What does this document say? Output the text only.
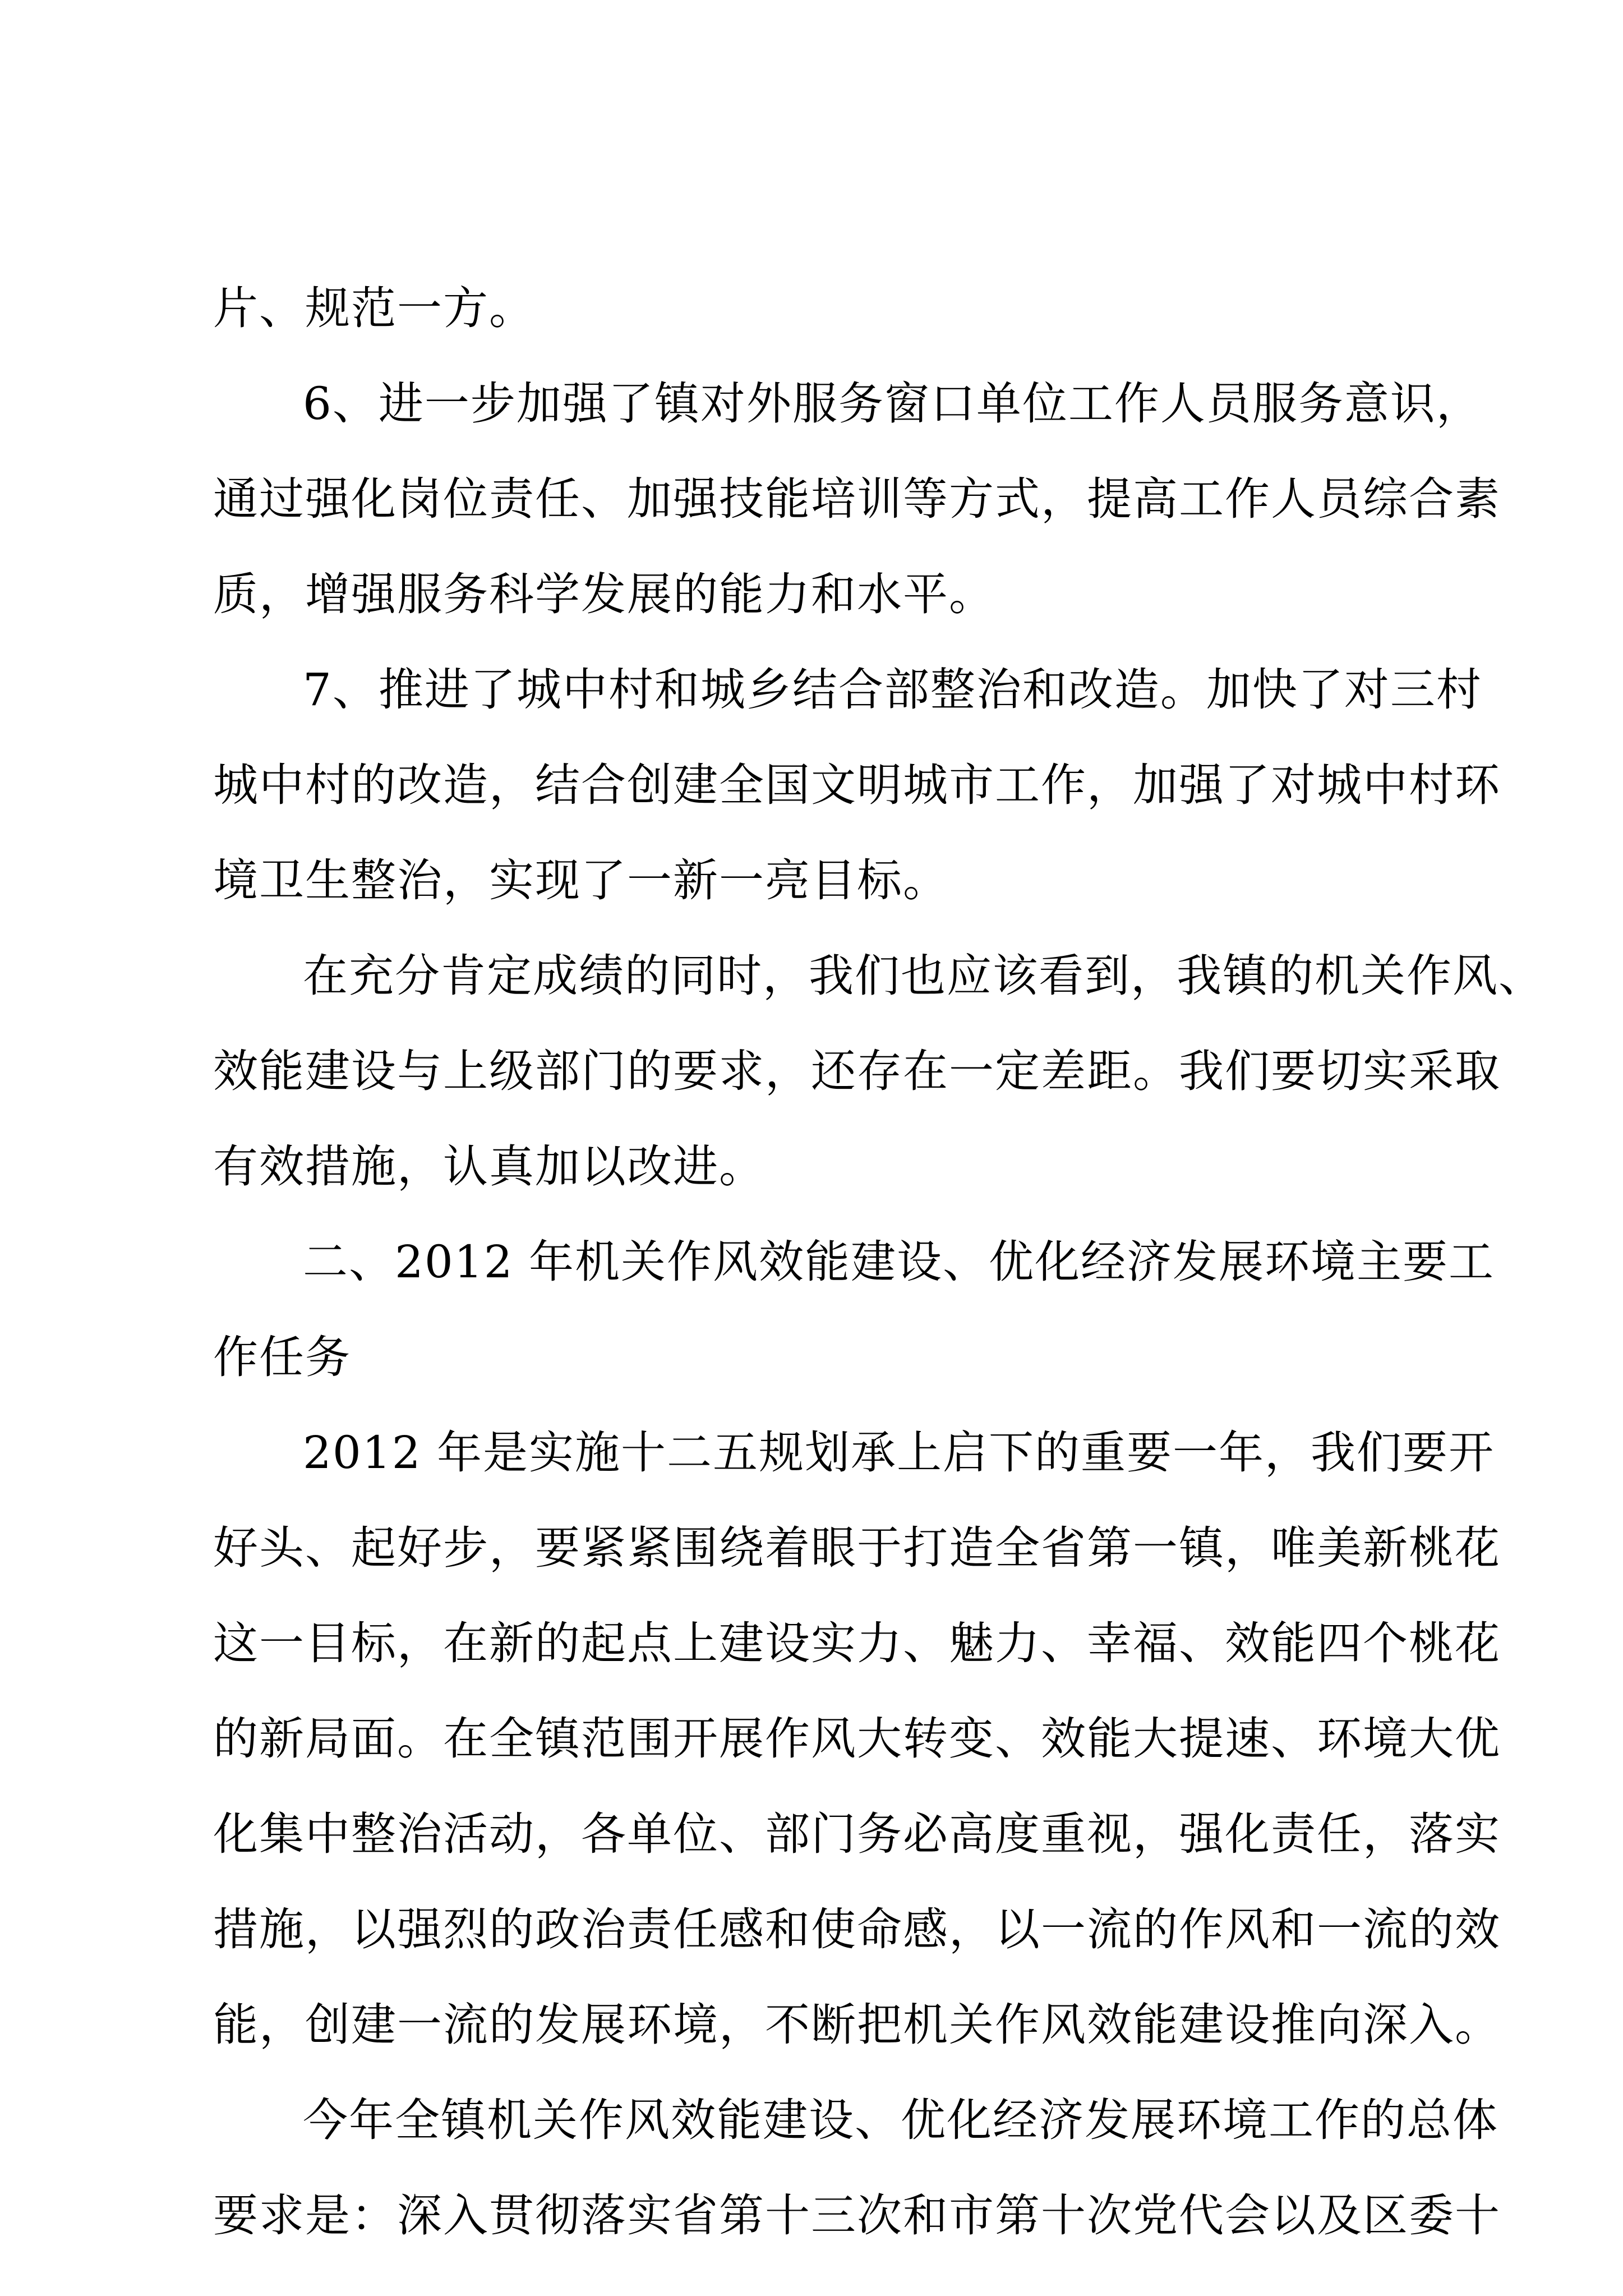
片、规范一方。
6、进一步加强了镇对外服务窗口单位工作人员服务意识，
通过强化岗位责任、加强技能培训等方式，提高工作人员综合素
质，增强服务科学发展的能力和水平。
7、推进了城中村和城乡结合部整治和改造。加快了对三村
城中村的改造，结合创建全国文明城市工作，加强了对城中村环
境卫生整治，实现了一新一亮目标。
在充分肯定成绩的同时，我们也应该看到，我镇的机关作风、
效能建设与上级部门的要求，还存在一定差距。我们要切实采取
有效措施，认真加以改进。
二、2012 年机关作风效能建设、优化经济发展环境主要工
作任务
2012 年是实施十二五规划承上启下的重要一年，我们要开
好头、起好步，要紧紧围绕着眼于打造全省第一镇，唯美新桃花
这一目标，在新的起点上建设实力、魅力、幸福、效能四个桃花
的新局面。在全镇范围开展作风大转变、效能大提速、环境大优
化集中整治活动，各单位、部门务必高度重视，强化责任，落实
措施，以强烈的政治责任感和使命感，以一流的作风和一流的效
能，创建一流的发展环境，不断把机关作风效能建设推向深入。
今年全镇机关作风效能建设、优化经济发展环境工作的总体
要求是：深入贯彻落实省第十三次和市第十次党代会以及区委十
